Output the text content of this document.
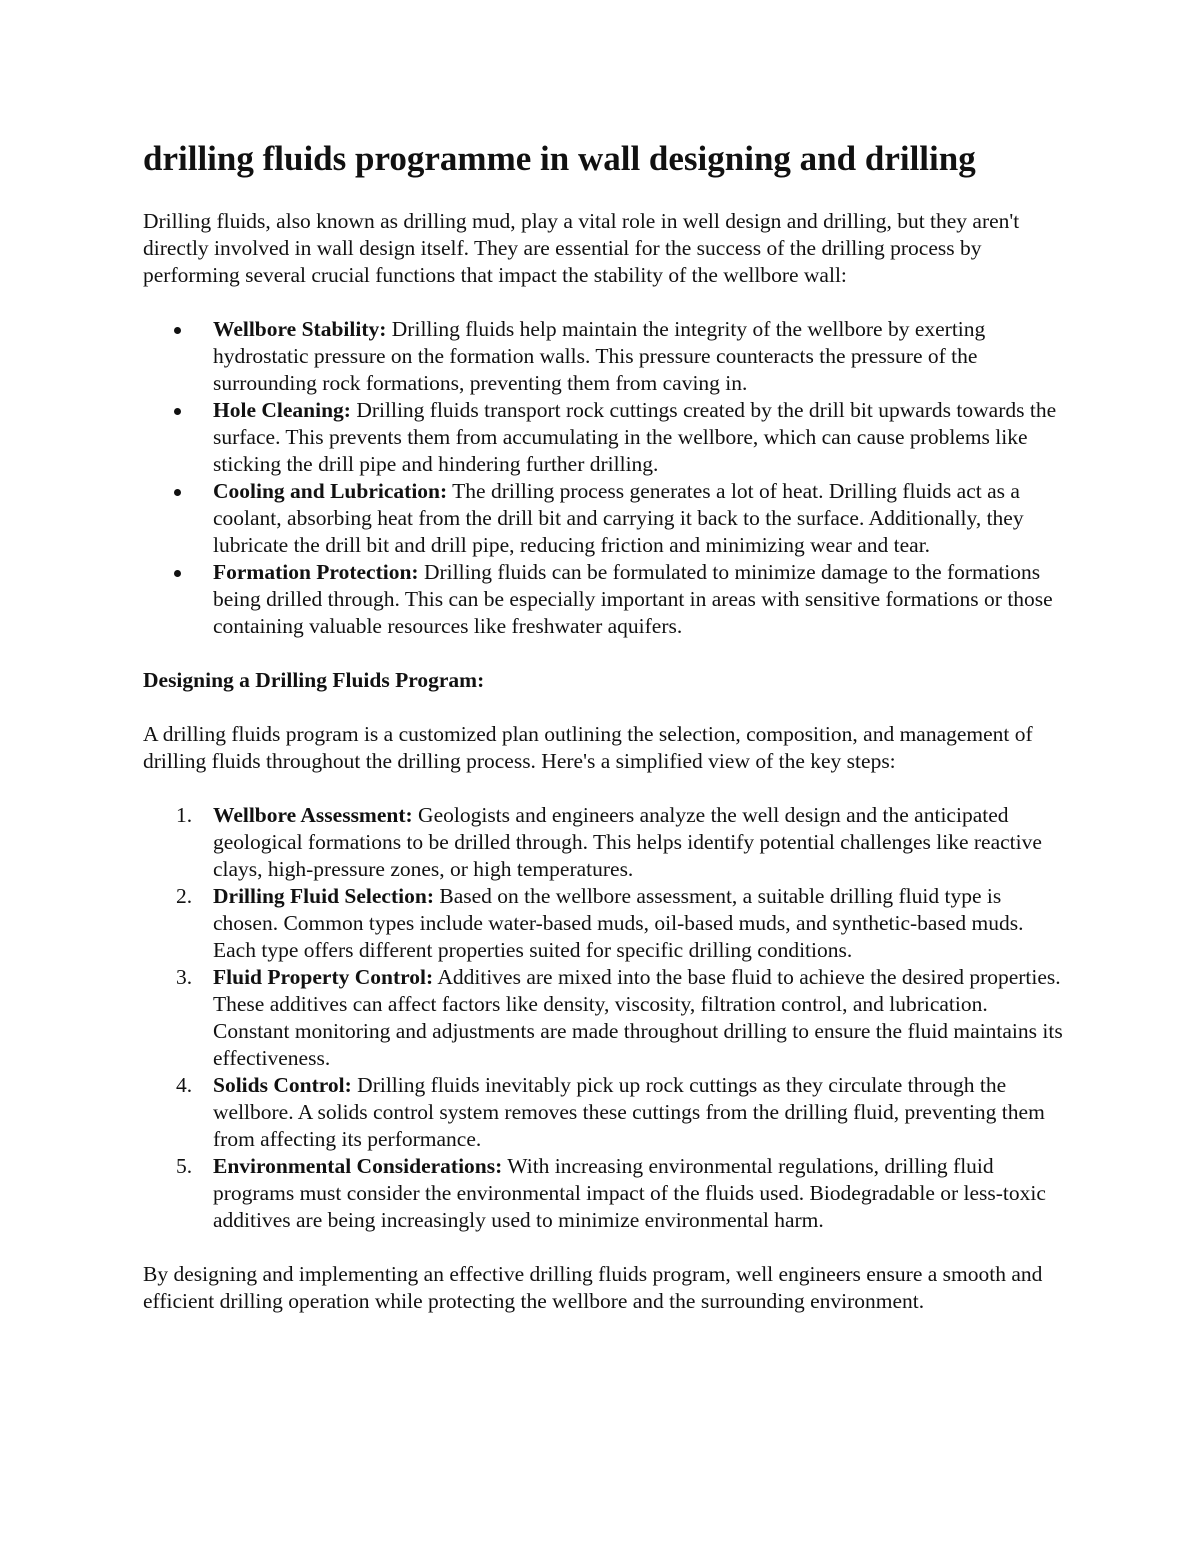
drilling fluids programme in wall designing and drilling

Drilling fluids, also known as drilling mud, play a vital role in well design and drilling, but they aren't directly involved in wall design itself. They are essential for the success of the drilling process by performing several crucial functions that impact the stability of the wellbore wall:

Wellbore Stability: Drilling fluids help maintain the integrity of the wellbore by exerting hydrostatic pressure on the formation walls. This pressure counteracts the pressure of the surrounding rock formations, preventing them from caving in.
Hole Cleaning: Drilling fluids transport rock cuttings created by the drill bit upwards towards the surface. This prevents them from accumulating in the wellbore, which can cause problems like sticking the drill pipe and hindering further drilling.
Cooling and Lubrication: The drilling process generates a lot of heat. Drilling fluids act as a coolant, absorbing heat from the drill bit and carrying it back to the surface. Additionally, they lubricate the drill bit and drill pipe, reducing friction and minimizing wear and tear.
Formation Protection: Drilling fluids can be formulated to minimize damage to the formations being drilled through. This can be especially important in areas with sensitive formations or those containing valuable resources like freshwater aquifers.
Designing a Drilling Fluids Program:

A drilling fluids program is a customized plan outlining the selection, composition, and management of drilling fluids throughout the drilling process. Here's a simplified view of the key steps:

1. Wellbore Assessment: Geologists and engineers analyze the well design and the anticipated geological formations to be drilled through. This helps identify potential challenges like reactive clays, high-pressure zones, or high temperatures.
2. Drilling Fluid Selection: Based on the wellbore assessment, a suitable drilling fluid type is chosen. Common types include water-based muds, oil-based muds, and synthetic-based muds. Each type offers different properties suited for specific drilling conditions.
3. Fluid Property Control: Additives are mixed into the base fluid to achieve the desired properties. These additives can affect factors like density, viscosity, filtration control, and lubrication. Constant monitoring and adjustments are made throughout drilling to ensure the fluid maintains its effectiveness.
4. Solids Control: Drilling fluids inevitably pick up rock cuttings as they circulate through the wellbore. A solids control system removes these cuttings from the drilling fluid, preventing them from affecting its performance.
5. Environmental Considerations: With increasing environmental regulations, drilling fluid programs must consider the environmental impact of the fluids used. Biodegradable or less-toxic additives are being increasingly used to minimize environmental harm.

By designing and implementing an effective drilling fluids program, well engineers ensure a smooth and efficient drilling operation while protecting the wellbore and the surrounding environment.
